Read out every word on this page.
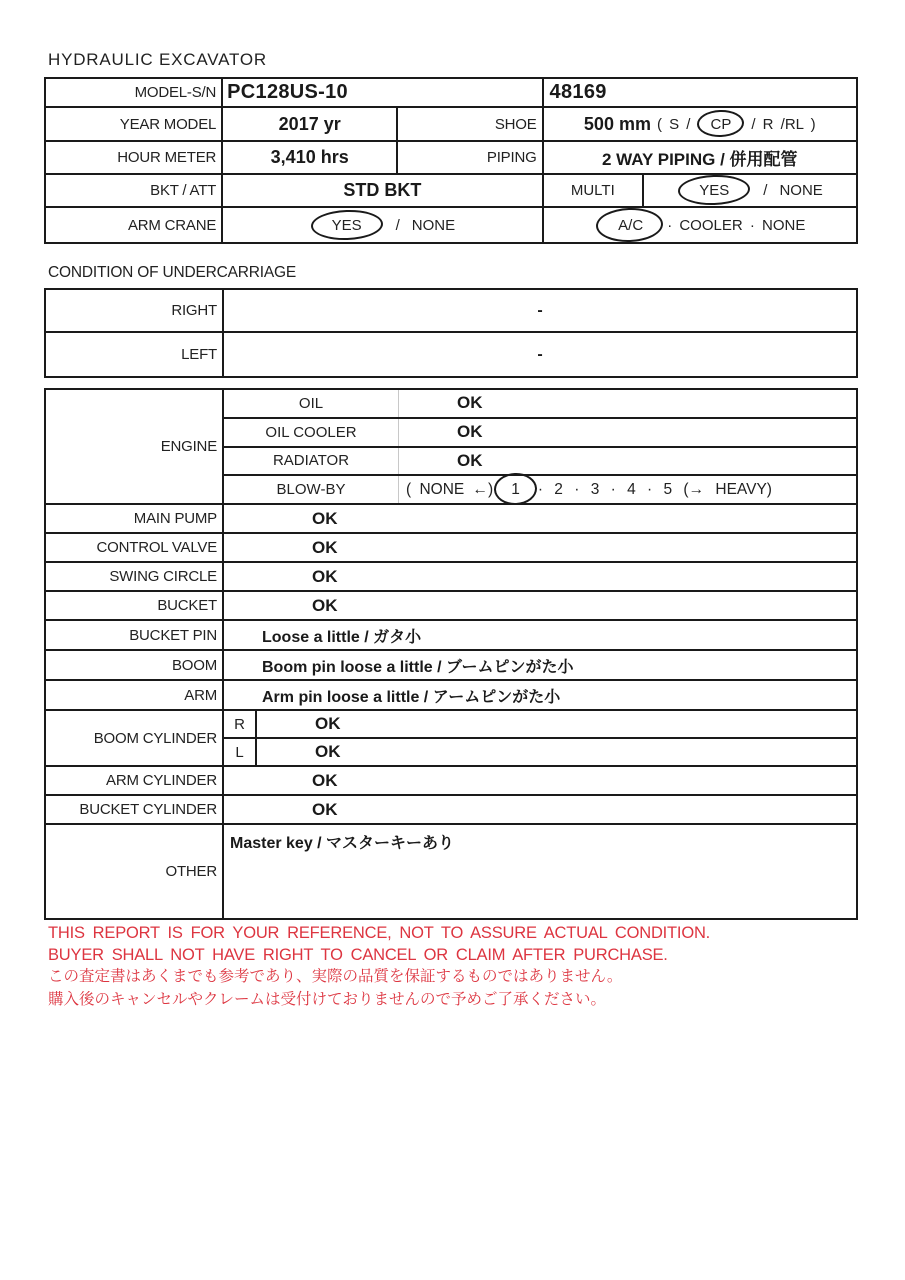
HYDRAULIC EXCAVATOR
MODEL-S/N PC128US-10	48169
YEAR MODEL	2017 yr	SHOE	500 mm ( S / CP / R /RL )
HOUR METER	3,410 hrs	PIPING	2 WAY PIPING / 併用配管
BKT / ATT	STD BKT	MULTI	YES / NONE
ARM CRANE	YES / NONE	A/C · COOLER · NONE
CONDITION OF UNDERCARRIAGE
RIGHT	-
LEFT	-
ENGINE
OIL	OK
OIL COOLER	OK
RADIATOR	OK
BLOW-BY	( NONE ←) 1 · 2 · 3 · 4 · 5 (→ HEAVY)
MAIN PUMP	OK
CONTROL VALVE	OK
SWING CIRCLE	OK
BUCKET	OK
BUCKET PIN	Loose a little / ガタ小
BOOM	Boom pin loose a little / ブームピンがた小
ARM	Arm pin loose a little / アームピンがた小
BOOM CYLINDER
R	OK
L	OK
ARM CYLINDER	OK
BUCKET CYLINDER	OK
OTHER
Master key / マスターキーあり
THIS REPORT IS FOR YOUR REFERENCE, NOT TO ASSURE ACTUAL CONDITION.
BUYER SHALL NOT HAVE RIGHT TO CANCEL OR CLAIM AFTER PURCHASE.
この査定書はあくまでも参考であり、実際の品質を保証するものではありません。
購入後のキャンセルやクレームは受付けておりませんので予めご了承ください。
